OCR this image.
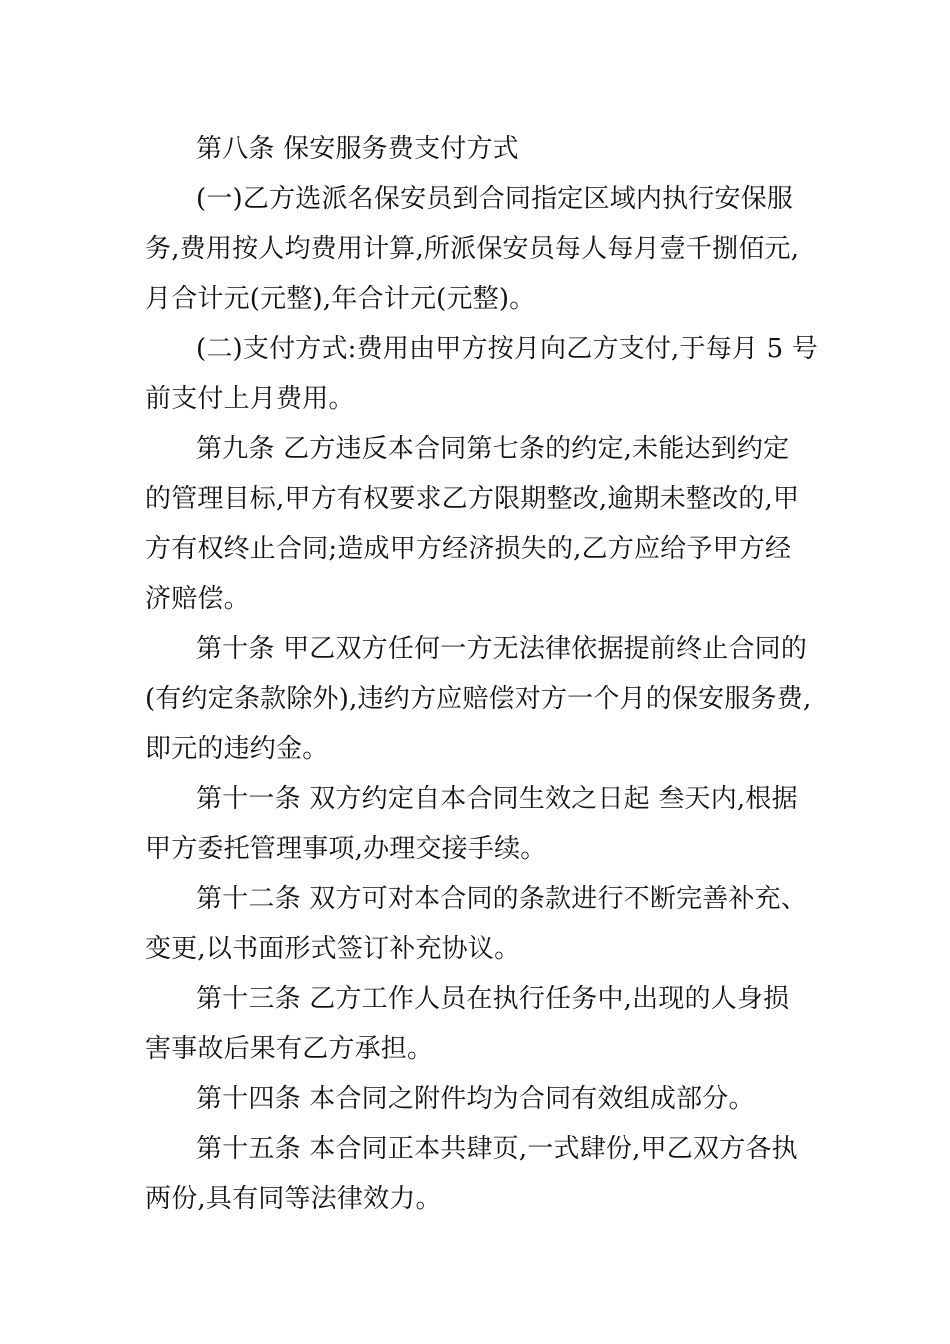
第八条 保安服务费支付方式
(一)乙方选派名保安员到合同指定区域内执行安保服
务,费用按人均费用计算,所派保安员每人每月壹千捌佰元,
月合计元(元整),年合计元(元整)。
(二)支付方式:费用由甲方按月向乙方支付,于每月 5 号
前支付上月费用。
第九条 乙方违反本合同第七条的约定,未能达到约定
的管理目标,甲方有权要求乙方限期整改,逾期未整改的,甲
方有权终止合同;造成甲方经济损失的,乙方应给予甲方经
济赔偿。
第十条 甲乙双方任何一方无法律依据提前终止合同的
(有约定条款除外),违约方应赔偿对方一个月的保安服务费,
即元的违约金。
第十一条 双方约定自本合同生效之日起 叁天内,根据
甲方委托管理事项,办理交接手续。
第十二条 双方可对本合同的条款进行不断完善补充、
变更,以书面形式签订补充协议。
第十三条 乙方工作人员在执行任务中,出现的人身损
害事故后果有乙方承担。
第十四条 本合同之附件均为合同有效组成部分。
第十五条 本合同正本共肆页,一式肆份,甲乙双方各执
两份,具有同等法律效力。
